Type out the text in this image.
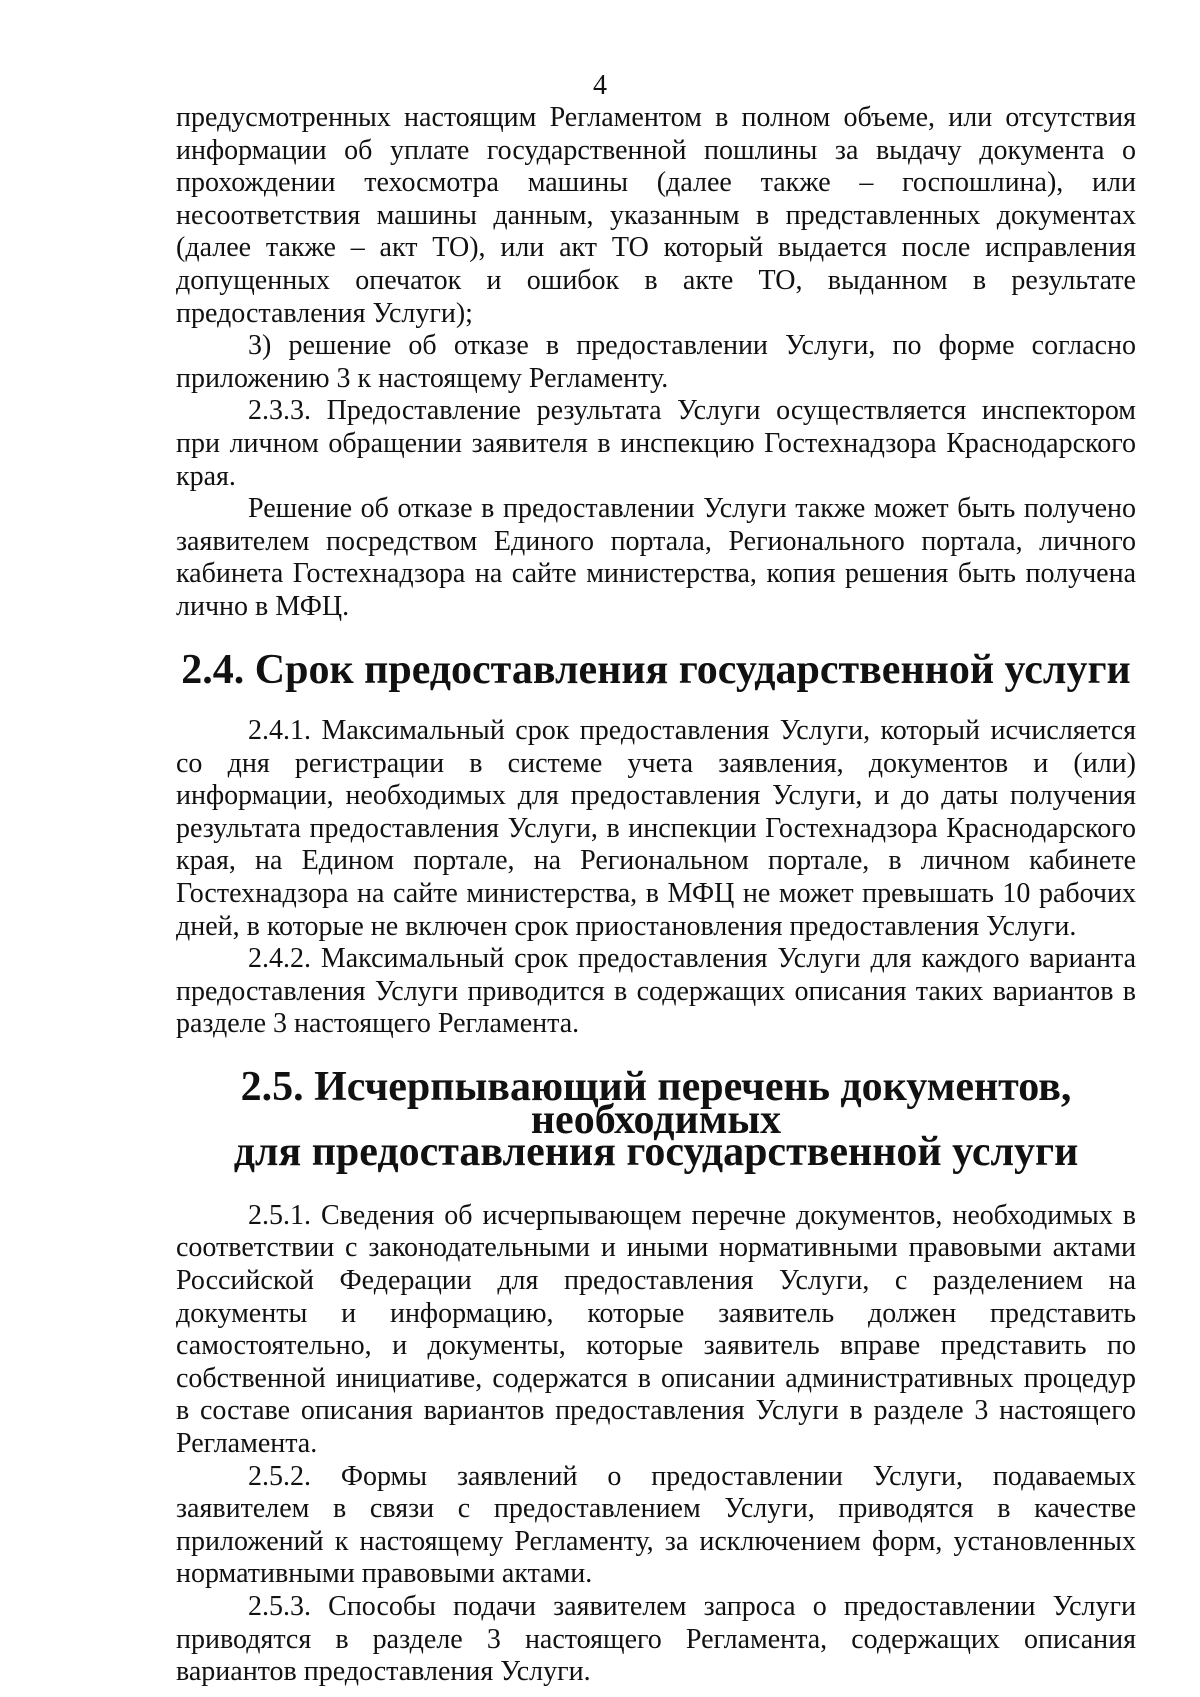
4

предусмотренных настоящим Регламентом в полном объеме, или отсутствия информации об уплате государственной пошлины за выдачу документа о прохождении техосмотра машины (далее также – госпошлина), или несоответствия машины данным, указанным в представленных документах (далее также – акт ТО), или акт ТО который выдается после исправления допущенных опечаток и ошибок в акте ТО, выданном в результате предоставления Услуги);

3) решение об отказе в предоставлении Услуги, по форме согласно приложению 3 к настоящему Регламенту.

2.3.3. Предоставление результата Услуги осуществляется инспектором при личном обращении заявителя в инспекцию Гостехнадзора Краснодарского края.

Решение об отказе в предоставлении Услуги также может быть получено заявителем посредством Единого портала, Регионального портала, личного кабинета Гостехнадзора на сайте министерства, копия решения быть получена лично в МФЦ.

2.4. Срок предоставления государственной услуги

2.4.1. Максимальный срок предоставления Услуги, который исчисляется со дня регистрации в системе учета заявления, документов и (или) информации, необходимых для предоставления Услуги, и до даты получения результата предоставления Услуги, в инспекции Гостехнадзора Краснодарского края, на Едином портале, на Региональном портале, в личном кабинете Гостехнадзора на сайте министерства, в МФЦ не может превышать 10 рабочих дней, в которые не включен срок приостановления предоставления Услуги.

2.4.2. Максимальный срок предоставления Услуги для каждого варианта предоставления Услуги приводится в содержащих описания таких вариантов в разделе 3 настоящего Регламента.

2.5. Исчерпывающий перечень документов, необходимых
для предоставления государственной услуги

2.5.1. Сведения об исчерпывающем перечне документов, необходимых в соответствии с законодательными и иными нормативными правовыми актами Российской Федерации для предоставления Услуги, с разделением на документы и информацию, которые заявитель должен представить самостоятельно, и документы, которые заявитель вправе представить по собственной инициативе, содержатся в описании административных процедур в составе описания вариантов предоставления Услуги в разделе 3 настоящего Регламента.

2.5.2. Формы заявлений о предоставлении Услуги, подаваемых заявителем в связи с предоставлением Услуги, приводятся в качестве приложений к настоящему Регламенту, за исключением форм, установленных нормативными правовыми актами.

2.5.3. Способы подачи заявителем запроса о предоставлении Услуги приводятся в разделе 3 настоящего Регламента, содержащих описания вариантов предоставления Услуги.
